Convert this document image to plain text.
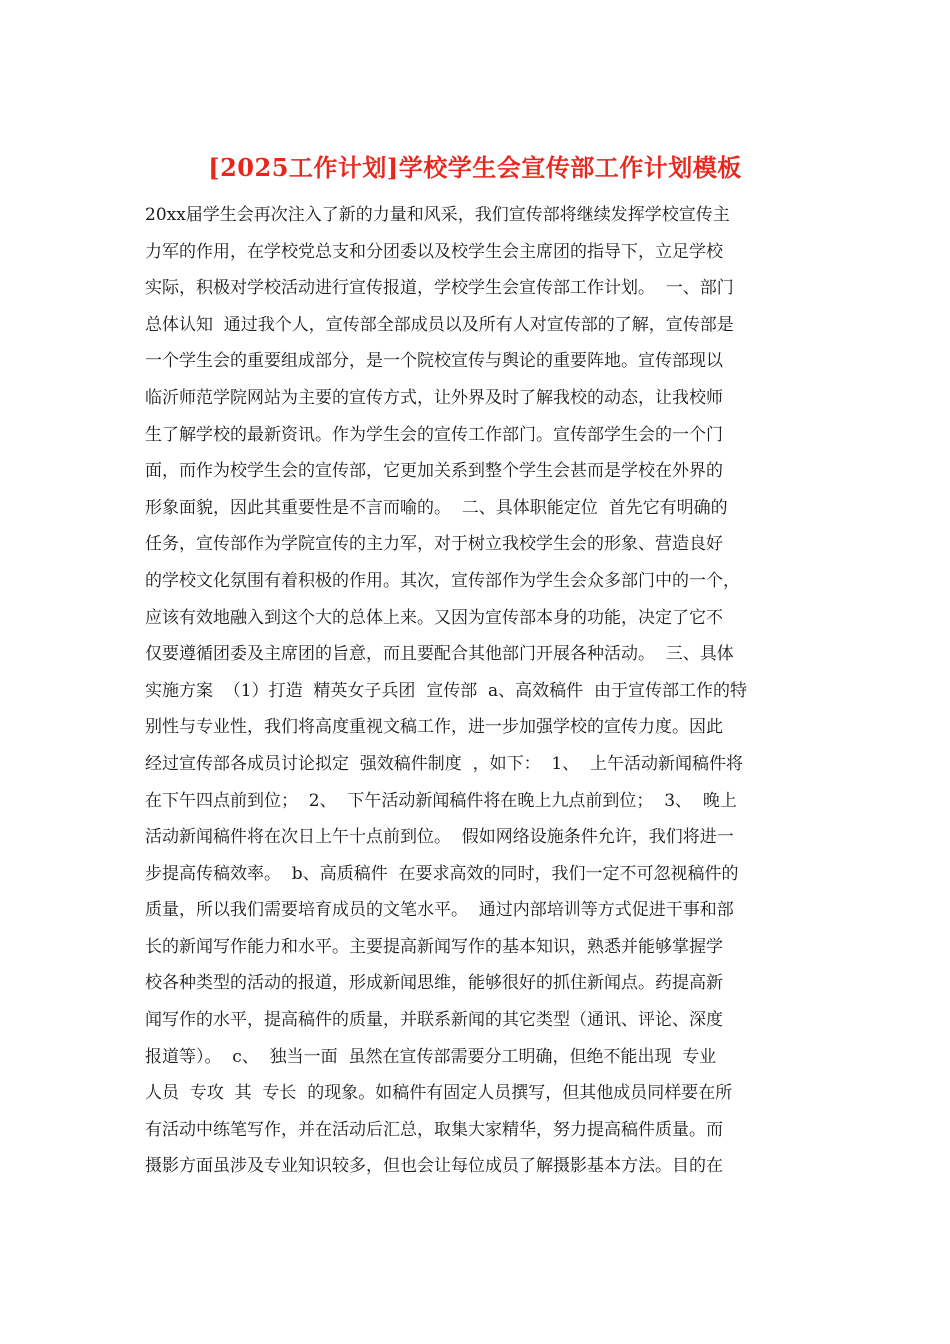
[2025工作计划]学校学生会宣传部工作计划模板
20xx届学生会再次注入了新的力量和风采，我们宣传部将继续发挥学校宣传主
力军的作用，在学校党总支和分团委以及校学生会主席团的指导下，立足学校
实际，积极对学校活动进行宣传报道，学校学生会宣传部工作计划。  一、部门
总体认知  通过我个人，宣传部全部成员以及所有人对宣传部的了解，宣传部是
一个学生会的重要组成部分，是一个院校宣传与舆论的重要阵地。宣传部现以
临沂师范学院网站为主要的宣传方式，让外界及时了解我校的动态，让我校师
生了解学校的最新资讯。作为学生会的宣传工作部门。宣传部学生会的一个门
面，而作为校学生会的宣传部，它更加关系到整个学生会甚而是学校在外界的
形象面貌，因此其重要性是不言而喻的。  二、具体职能定位  首先它有明确的
任务，宣传部作为学院宣传的主力军，对于树立我校学生会的形象、营造良好
的学校文化氛围有着积极的作用。其次，宣传部作为学生会众多部门中的一个，
应该有效地融入到这个大的总体上来。又因为宣传部本身的功能，决定了它不
仅要遵循团委及主席团的旨意，而且要配合其他部门开展各种活动。  三、具体
实施方案  （1）打造  精英女子兵团  宣传部  a、高效稿件  由于宣传部工作的特
别性与专业性，我们将高度重视文稿工作，进一步加强学校的宣传力度。因此
经过宣传部各成员讨论拟定  强效稿件制度  ，如下：  1、  上午活动新闻稿件将
在下午四点前到位；  2、  下午活动新闻稿件将在晚上九点前到位；  3、  晚上
活动新闻稿件将在次日上午十点前到位。  假如网络设施条件允许，我们将进一
步提高传稿效率。  b、高质稿件  在要求高效的同时，我们一定不可忽视稿件的
质量，所以我们需要培育成员的文笔水平。  通过内部培训等方式促进干事和部
长的新闻写作能力和水平。主要提高新闻写作的基本知识，熟悉并能够掌握学
校各种类型的活动的报道，形成新闻思维，能够很好的抓住新闻点。药提高新
闻写作的水平，提高稿件的质量，并联系新闻的其它类型（通讯、评论、深度
报道等）。  c、  独当一面  虽然在宣传部需要分工明确，但绝不能出现  专业
人员  专攻  其  专长  的现象。如稿件有固定人员撰写，但其他成员同样要在所
有活动中练笔写作，并在活动后汇总，取集大家精华，努力提高稿件质量。而
摄影方面虽涉及专业知识较多，但也会让每位成员了解摄影基本方法。目的在
